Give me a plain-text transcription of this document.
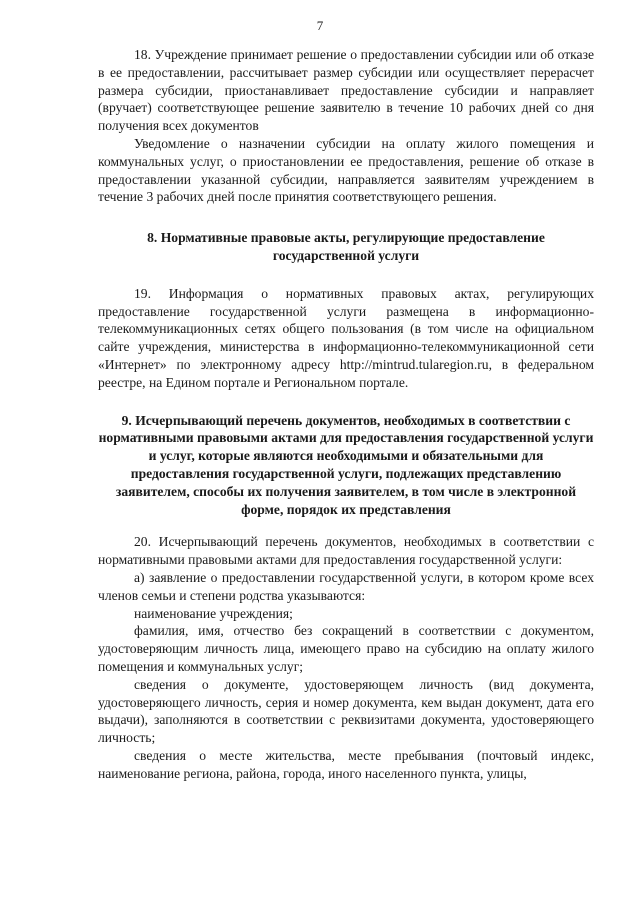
7

18. Учреждение принимает решение о предоставлении субсидии или об отказе в ее предоставлении, рассчитывает размер субсидии или осуществляет перерасчет размера субсидии, приостанавливает предоставление субсидии и направляет (вручает) соответствующее решение заявителю в течение 10 рабочих дней со дня получения всех документов

Уведомление о назначении субсидии на оплату жилого помещения и коммунальных услуг, о приостановлении ее предоставления, решение об отказе в предоставлении указанной субсидии, направляется заявителям учреждением в течение 3 рабочих дней после принятия соответствующего решения.

8. Нормативные правовые акты, регулирующие предоставление государственной услуги

19. Информация о нормативных правовых актах, регулирующих предоставление государственной услуги размещена в информационно-телекоммуникационных сетях общего пользования (в том числе на официальном сайте учреждения, министерства в информационно-телекоммуникационной сети «Интернет» по электронному адресу http://mintrud.tularegion.ru, в федеральном реестре, на Едином портале и Региональном портале.

9. Исчерпывающий перечень документов, необходимых в соответствии с нормативными правовыми актами для предоставления государственной услуги и услуг, которые являются необходимыми и обязательными для предоставления государственной услуги, подлежащих представлению заявителем, способы их получения заявителем, в том числе в электронной форме, порядок их представления

20. Исчерпывающий перечень документов, необходимых в соответствии с нормативными правовыми актами для предоставления государственной услуги:

а) заявление о предоставлении государственной услуги, в котором кроме всех членов семьи и степени родства указываются:

наименование учреждения;

фамилия, имя, отчество без сокращений в соответствии с документом, удостоверяющим личность лица, имеющего право на субсидию на оплату жилого помещения и коммунальных услуг;

сведения о документе, удостоверяющем личность (вид документа, удостоверяющего личность, серия и номер документа, кем выдан документ, дата его выдачи), заполняются в соответствии с реквизитами документа, удостоверяющего личность;

сведения о месте жительства, месте пребывания (почтовый индекс, наименование региона, района, города, иного населенного пункта, улицы,
